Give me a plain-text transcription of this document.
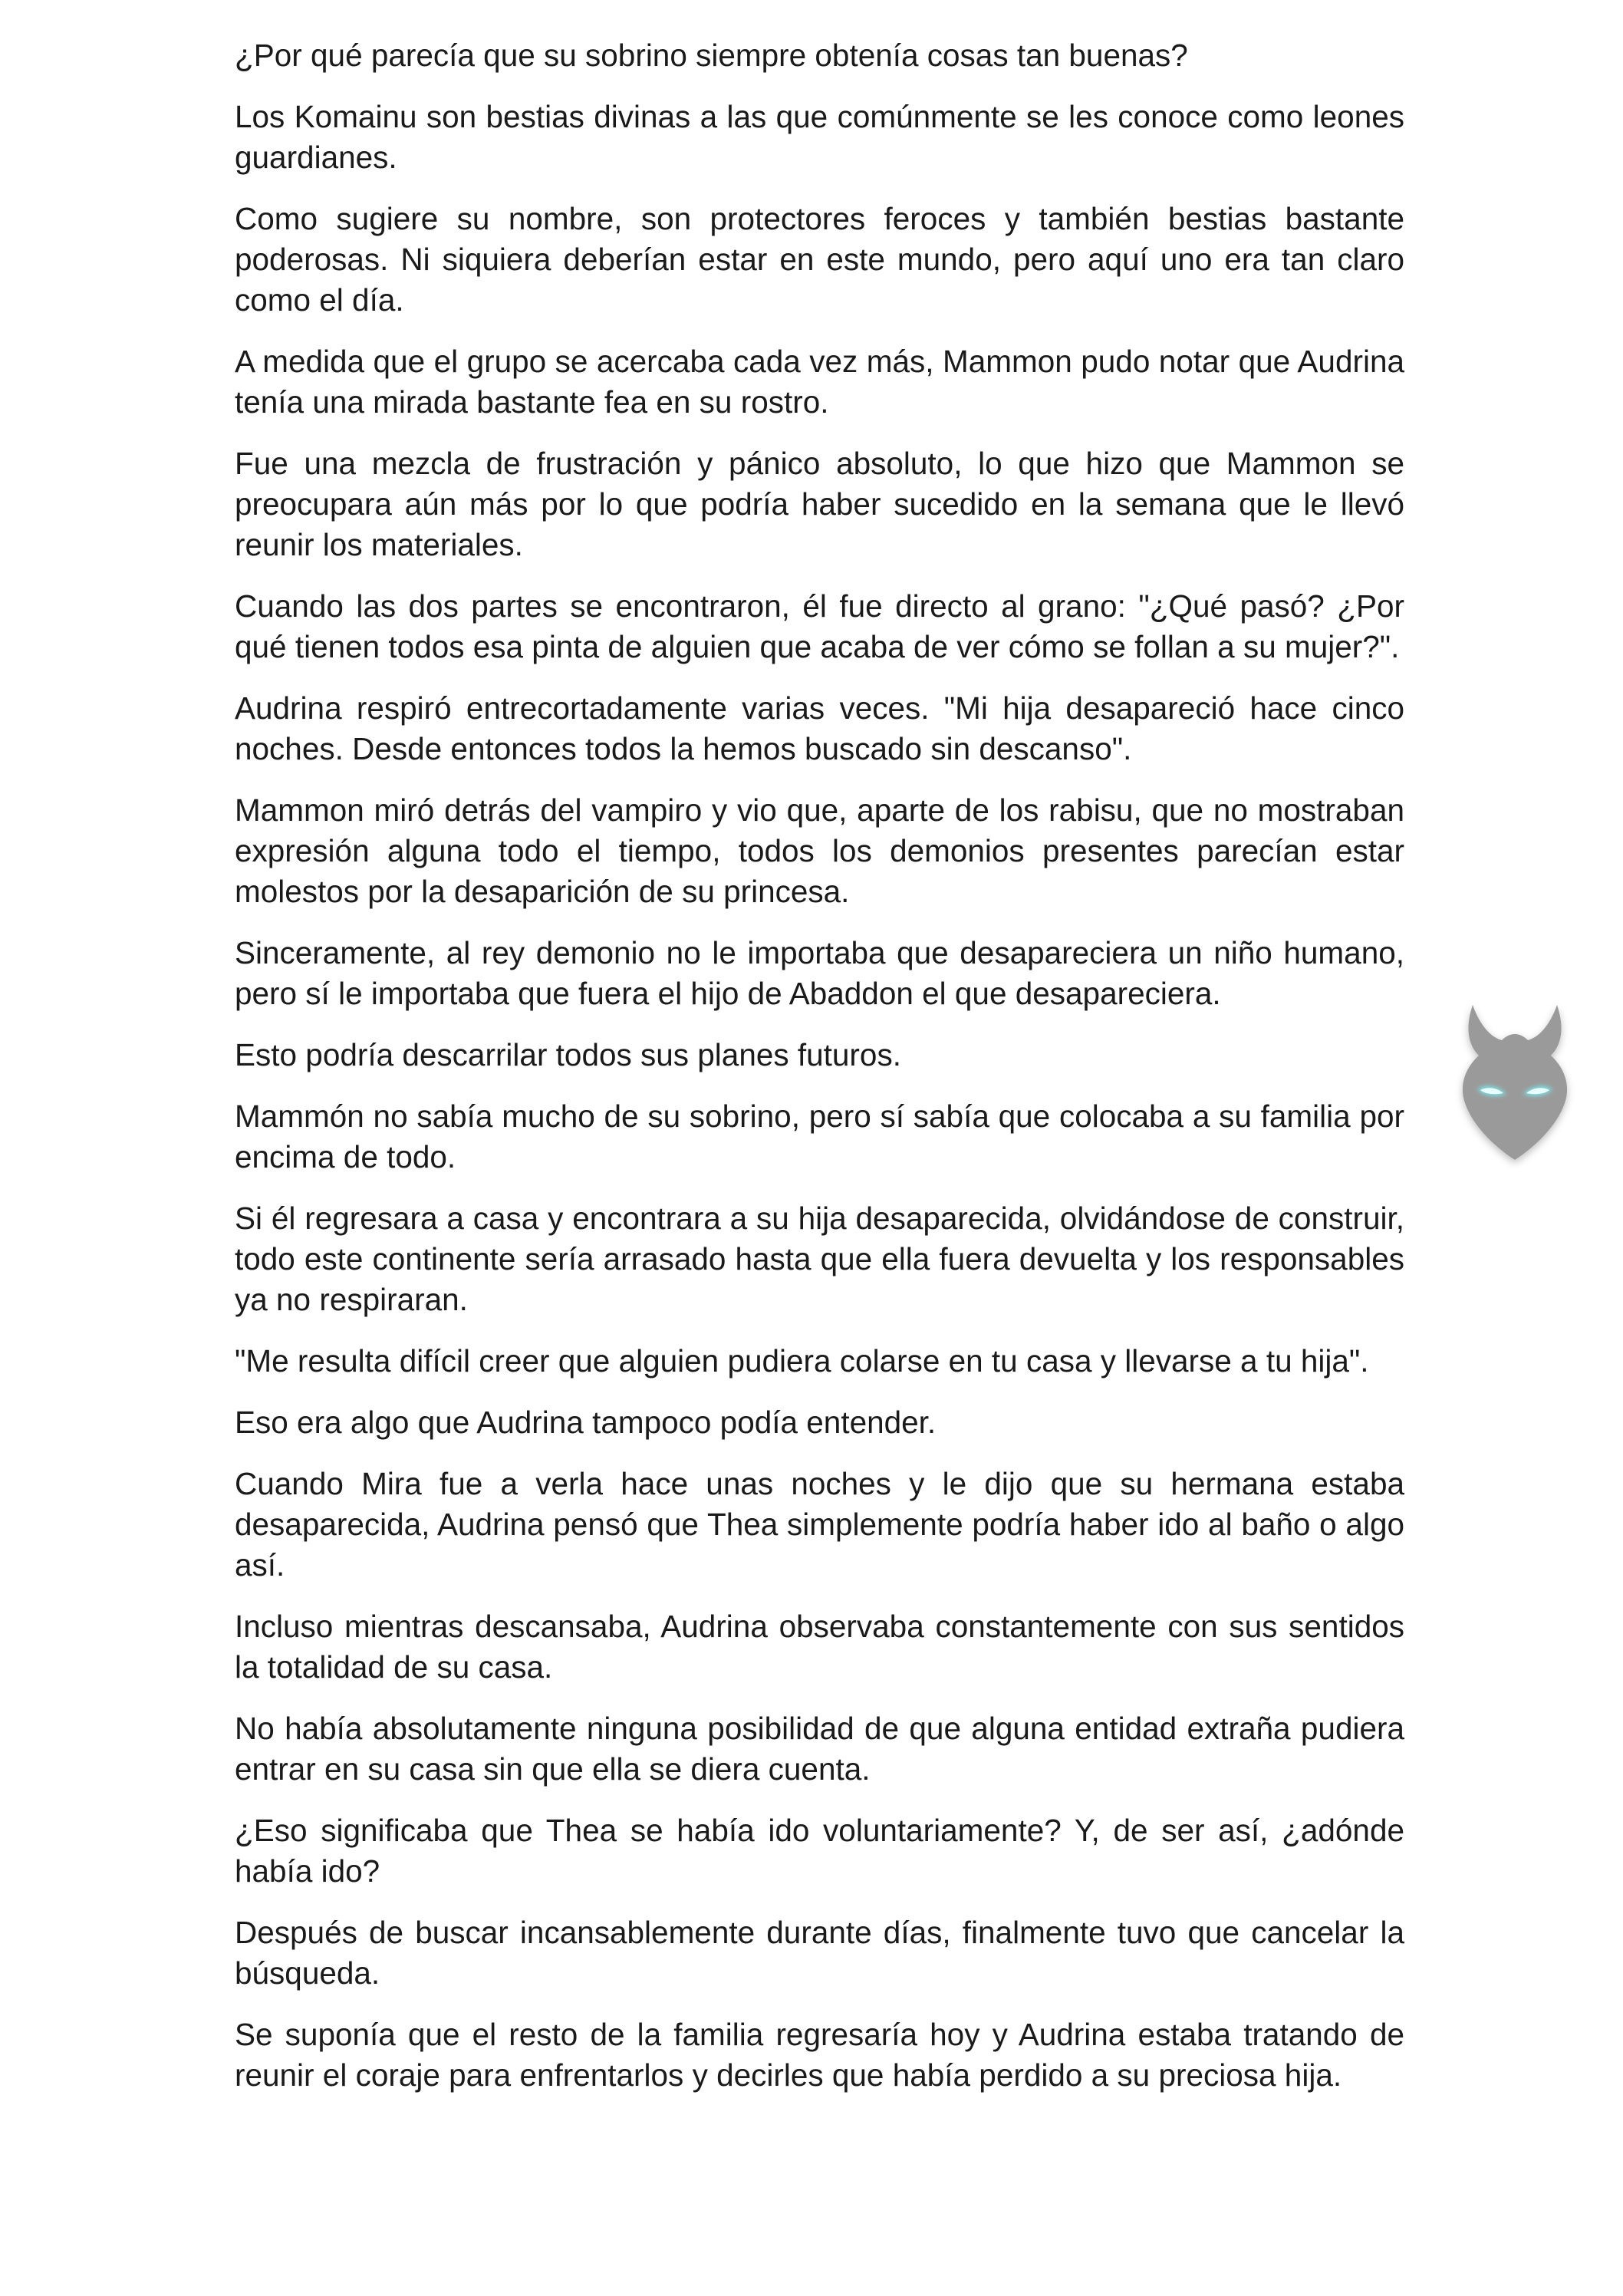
¿Por qué parecía que su sobrino siempre obtenía cosas tan buenas?

Los Komainu son bestias divinas a las que comúnmente se les conoce como leones guardianes.

Como sugiere su nombre, son protectores feroces y también bestias bastante poderosas. Ni siquiera deberían estar en este mundo, pero aquí uno era tan claro como el día.

A medida que el grupo se acercaba cada vez más, Mammon pudo notar que Audrina tenía una mirada bastante fea en su rostro.

Fue una mezcla de frustración y pánico absoluto, lo que hizo que Mammon se preocupara aún más por lo que podría haber sucedido en la semana que le llevó reunir los materiales.

Cuando las dos partes se encontraron, él fue directo al grano: "¿Qué pasó? ¿Por qué tienen todos esa pinta de alguien que acaba de ver cómo se follan a su mujer?".

Audrina respiró entrecortadamente varias veces. "Mi hija desapareció hace cinco noches. Desde entonces todos la hemos buscado sin descanso".

Mammon miró detrás del vampiro y vio que, aparte de los rabisu, que no mostraban expresión alguna todo el tiempo, todos los demonios presentes parecían estar molestos por la desaparición de su princesa.

Sinceramente, al rey demonio no le importaba que desapareciera un niño humano, pero sí le importaba que fuera el hijo de Abaddon el que desapareciera.

Esto podría descarrilar todos sus planes futuros.

Mammón no sabía mucho de su sobrino, pero sí sabía que colocaba a su familia por encima de todo.

Si él regresara a casa y encontrara a su hija desaparecida, olvidándose de construir, todo este continente sería arrasado hasta que ella fuera devuelta y los responsables ya no respiraran.

"Me resulta difícil creer que alguien pudiera colarse en tu casa y llevarse a tu hija".

Eso era algo que Audrina tampoco podía entender.

Cuando Mira fue a verla hace unas noches y le dijo que su hermana estaba desaparecida, Audrina pensó que Thea simplemente podría haber ido al baño o algo así.

Incluso mientras descansaba, Audrina observaba constantemente con sus sentidos la totalidad de su casa.

No había absolutamente ninguna posibilidad de que alguna entidad extraña pudiera entrar en su casa sin que ella se diera cuenta.

¿Eso significaba que Thea se había ido voluntariamente? Y, de ser así, ¿adónde había ido?

Después de buscar incansablemente durante días, finalmente tuvo que cancelar la búsqueda.

Se suponía que el resto de la familia regresaría hoy y Audrina estaba tratando de reunir el coraje para enfrentarlos y decirles que había perdido a su preciosa hija.
